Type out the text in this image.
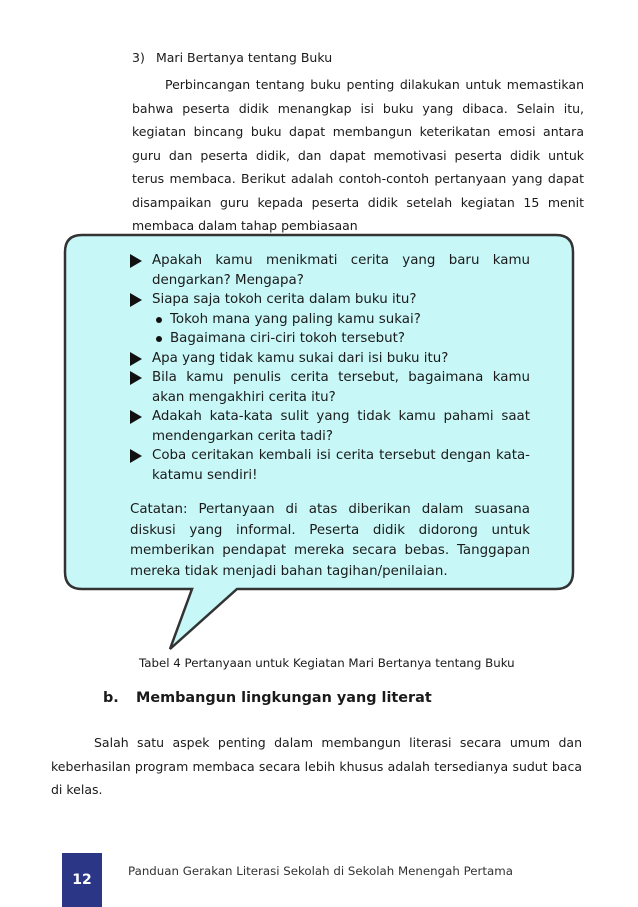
3) Mari Bertanya tentang Buku
Perbincangan tentang buku penting dilakukan untuk memastikan bahwa peserta didik menangkap isi buku yang dibaca. Selain itu, kegiatan bincang buku dapat membangun keterikatan emosi antara guru dan peserta didik, dan dapat memotivasi peserta didik untuk terus membaca. Berikut adalah contoh-contoh pertanyaan yang dapat disampaikan guru kepada peserta didik setelah kegiatan 15 menit membaca dalam tahap pembiasaan
Apakah kamu menikmati cerita yang baru kamu dengarkan? Mengapa?
Siapa saja tokoh cerita dalam buku itu?
Tokoh mana yang paling kamu sukai?
Bagaimana ciri-ciri tokoh tersebut?
Apa yang tidak kamu sukai dari isi buku itu?
Bila kamu penulis cerita tersebut, bagaimana kamu akan mengakhiri cerita itu?
Adakah kata-kata sulit yang tidak kamu pahami saat mendengarkan cerita tadi?
Coba ceritakan kembali isi cerita tersebut dengan kata-katamu sendiri!
Catatan: Pertanyaan di atas diberikan dalam suasana diskusi yang informal. Peserta didik didorong untuk memberikan pendapat mereka secara bebas. Tanggapan mereka tidak menjadi bahan tagihan/penilaian.
Tabel 4 Pertanyaan untuk Kegiatan Mari Bertanya tentang Buku
b. Membangun lingkungan yang literat
Salah satu aspek penting dalam membangun literasi secara umum dan keberhasilan program membaca secara lebih khusus adalah tersedianya sudut baca di kelas.
12
Panduan Gerakan Literasi Sekolah di Sekolah Menengah Pertama
